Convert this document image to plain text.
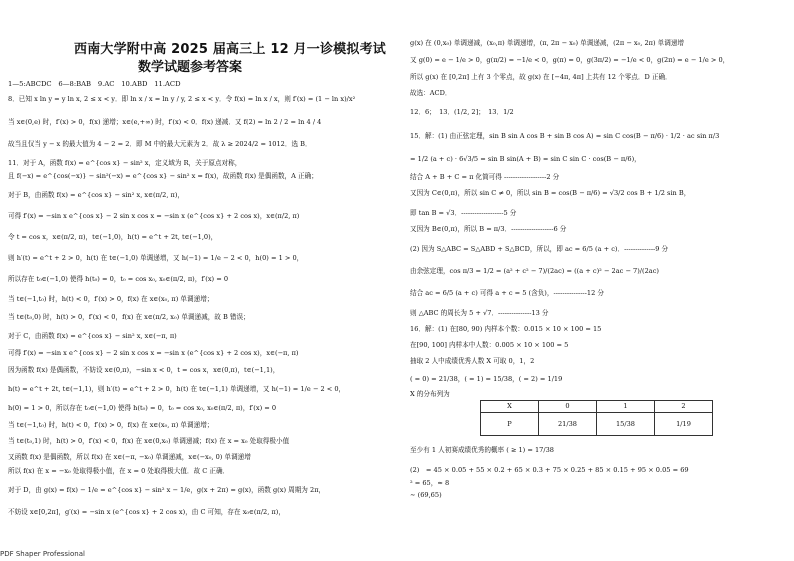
西南大学附中高 2025 届高三上 12 月一诊模拟考试
数学试题参考答案
1—5:ABCDC　6—8:BAB　9.AC　10.ABD　11.ACD
8．已知 x ln y = y ln x, 2 ≤ x < y．即 ln x / x = ln y / y, 2 ≤ x < y．令 f(x) = ln x / x，则 f′(x) = (1 − ln x)/x²
当 x∈(0,e) 时，f′(x) > 0，f(x) 递增；x∈(e,+∞) 时，f′(x) < 0．f(x) 递减．又 f(2) = ln 2 / 2 = ln 4 / 4
故当且仅当 y − x 的最大值为 4 − 2 = 2．即 M 中的最大元素为 2．故 λ ≥ 2024/2 = 1012．选 B．
11．对于 A，函数 f(x) = e^{cos x} − sin² x，定义域为 R，关于原点对称，
且 f(−x) = e^{cos(−x)} − sin²(−x) = e^{cos x} − sin² x = f(x)，故函数 f(x) 是偶函数，A 正确；
对于 B，由函数 f(x) = e^{cos x} − sin² x, x∈(π/2, π)，
可得 f′(x) = −sin x e^{cos x} − 2 sin x cos x = −sin x (e^{cos x} + 2 cos x)，x∈(π/2, π)
令 t = cos x，x∈(π/2, π)，t∈(−1,0)，h(t) = e^t + 2t, t∈(−1,0)，
则 h′(t) = e^t + 2 > 0，h(t) 在 t∈(−1,0) 单调递增，又 h(−1) = 1/e − 2 < 0，h(0) = 1 > 0，
所以存在 t₀∈(−1,0) 使得 h(t₀) = 0，t₀ = cos x₀, x₀∈(π/2, π)，f′(x) = 0
当 t∈(−1,t₀) 时，h(t) < 0，f′(x) > 0，f(x) 在 x∈(x₀, π) 单调递增；
当 t∈(t₀,0) 时，h(t) > 0，f′(x) < 0，f(x) 在 x∈(π/2, x₀) 单调递减，故 B 错误；
对于 C，由函数 f(x) = e^{cos x} − sin² x, x∈(−π, π)
可得 f′(x) = −sin x e^{cos x} − 2 sin x cos x = −sin x (e^{cos x} + 2 cos x)，x∈(−π, π)
因为函数 f(x) 是偶函数，不妨设 x∈(0,π)，−sin x < 0，t = cos x，x∈(0,π)，t∈(−1,1)，
h(t) = e^t + 2t, t∈(−1,1)，则 h′(t) = e^t + 2 > 0，h(t) 在 t∈(−1,1) 单调递增，又 h(−1) = 1/e − 2 < 0，
h(0) = 1 > 0，所以存在 t₀∈(−1,0) 使得 h(t₀) = 0，t₀ = cos x₀, x₀∈(π/2, π)，f′(x) = 0
当 t∈(−1,t₀) 时，h(t) < 0，f′(x) > 0，f(x) 在 x∈(x₀, π) 单调递增；
当 t∈(t₀,1) 时，h(t) > 0，f′(x) < 0，f(x) 在 x∈(0,x₀) 单调递减；f(x) 在 x = x₀ 处取得极小值
又函数 f(x) 是偶函数，所以 f(x) 在 x∈(−π, −x₀) 单调递减，x∈(−x₀, 0) 单调递增
所以 f(x) 在 x = −x₀ 处取得极小值，在 x = 0 处取得极大值．故 C 正确．
对于 D，由 g(x) = f(x) − 1/e = e^{cos x} − sin² x − 1/e，g(x + 2π) = g(x)，函数 g(x) 周期为 2π，
不妨设 x∈[0,2π]，g′(x) = −sin x (e^{cos x} + 2 cos x)，由 C 可知，存在 x₀∈(π/2, π)，
g(x) 在 (0,x₀) 单调递减，(x₀,π) 单调递增，(π, 2π − x₀) 单调递减，(2π − x₀, 2π) 单调递增
又 g(0) = e − 1/e > 0，g(π/2) = −1/e < 0，g(π) = 0，g(3π/2) = −1/e < 0，g(2π) = e − 1/e > 0，
所以 g(x) 在 [0,2π] 上有 3 个零点，故 g(x) 在 [−4π, 4π] 上共有 12 个零点．D 正确．
故选：ACD．
12．6；　13．(1/2, 2]；　13．1/2
15．解：(1) 由正弦定理，sin B sin A cos B + sin B cos A) = sin C cos(B − π/6) · 1/2 · ac sin π/3
= 1/2 (a + c) · 6√3/5 = sin B sin(A + B) = sin C sin C · cos(B − π/6)，
结合 A + B + C = π 化简可得 -------------------2 分
又因为 C∈(0,π)，所以 sin C ≠ 0，所以 sin B = cos(B − π/6) = √3/2 cos B + 1/2 sin B，
即 tan B = √3．-------------------5 分
又因为 B∈(0,π)，所以 B = π/3．-------------------6 分
(2) 因为 S△ABC = S△ABD + S△BCD，所以，即 ac = 6/5 (a + c)．--------------9 分
由余弦定理，cos π/3 = 1/2 = (a² + c² − 7)/(2ac) = ((a + c)² − 2ac − 7)/(2ac)
结合 ac = 6/5 (a + c) 可得 a + c = 5 (含负)，---------------12 分
则 △ABC 的周长为 5 + √7．---------------13 分
16．解：(1) 在[80, 90) 内样本个数：0.015 × 10 × 100 = 15
在[90, 100] 内样本中人数：0.005 × 10 × 100 = 5
抽取 2 人中成绩优秀人数 X 可取 0，1，2
( = 0) = 21/38，( = 1) = 15/38，( = 2) = 1/19
X 的分布列为
X	0	1	2
P	21/38	15/38	1/19
至少有 1 人初赛成绩优秀的概率 ( ≥ 1) = 17/38
(2)　= 45 × 0.05 + 55 × 0.2 + 65 × 0.3 + 75 × 0.25 + 85 × 0.15 + 95 × 0.05 = 69
² = 65，≈ 8
∼ (69,65)
PDF Shaper Professional
